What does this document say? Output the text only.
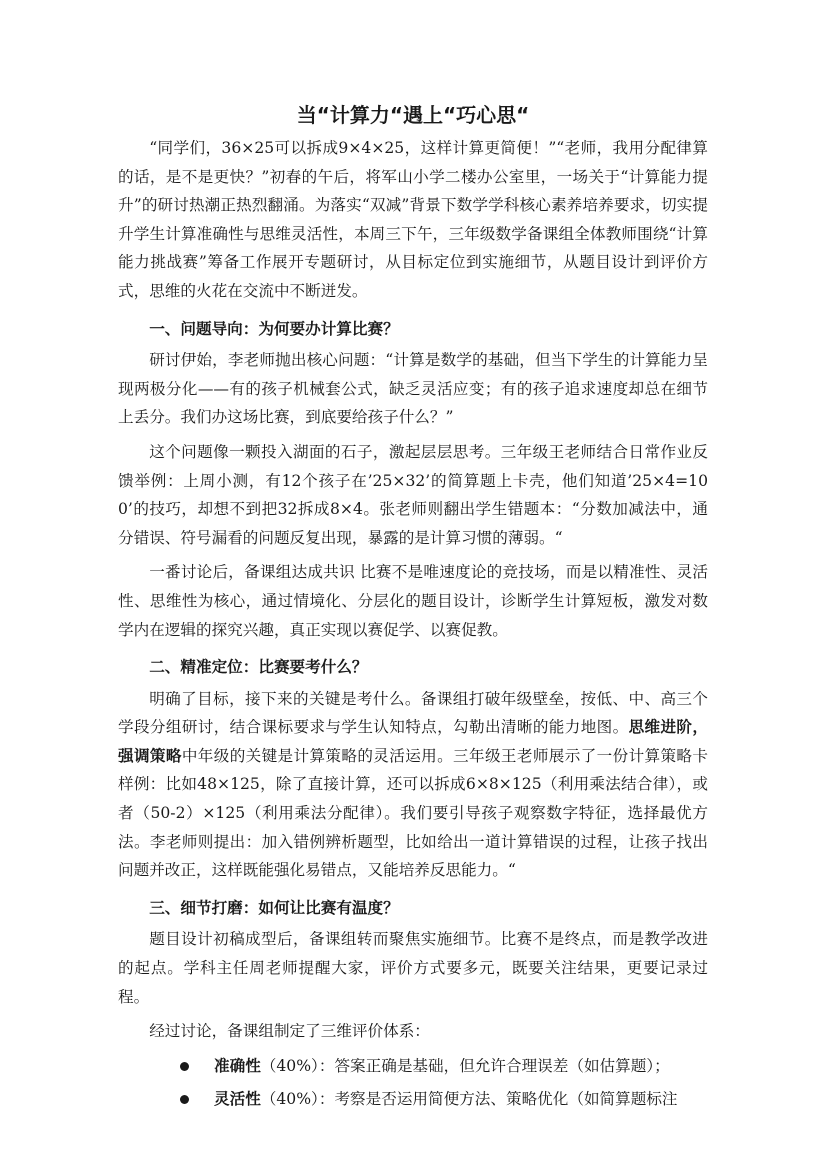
当“计算力“遇上“巧心思“

“同学们，36×25可以拆成9×4×25，这样计算更简便！”“老师，我用分配律算的话，是不是更快？”初春的午后，将军山小学二楼办公室里，一场关于“计算能力提升”的研讨热潮正热烈翻涌。为落实“双减”背景下数学学科核心素养培养要求，切实提升学生计算准确性与思维灵活性，本周三下午，三年级数学备课组全体教师围绕“计算能力挑战赛”筹备工作展开专题研讨，从目标定位到实施细节，从题目设计到评价方式，思维的火花在交流中不断迸发。

一、问题导向：为何要办计算比赛？

研讨伊始，李老师抛出核心问题：“计算是数学的基础，但当下学生的计算能力呈现两极分化——有的孩子机械套公式，缺乏灵活应变；有的孩子追求速度却总在细节上丢分。我们办这场比赛，到底要给孩子什么？”

这个问题像一颗投入湖面的石子，激起层层思考。三年级王老师结合日常作业反馈举例：上周小测，有12个孩子在’25×32’的简算题上卡壳，他们知道’25×4=100’的技巧，却想不到把32拆成8×4。张老师则翻出学生错题本：“分数加减法中，通分错误、符号漏看的问题反复出现，暴露的是计算习惯的薄弱。“

一番讨论后，备课组达成共识 比赛不是唯速度论的竞技场，而是以精准性、灵活性、思维性为核心，通过情境化、分层化的题目设计，诊断学生计算短板，激发对数学内在逻辑的探究兴趣，真正实现以赛促学、以赛促教。

二、精准定位：比赛要考什么？

明确了目标，接下来的关键是考什么。备课组打破年级壁垒，按低、中、高三个学段分组研讨，结合课标要求与学生认知特点，勾勒出清晰的能力地图。思维进阶，强调策略中年级的关键是计算策略的灵活运用。三年级王老师展示了一份计算策略卡样例：比如48×125，除了直接计算，还可以拆成6×8×125（利用乘法结合律），或者（50-2）×125（利用乘法分配律）。我们要引导孩子观察数字特征，选择最优方法。李老师则提出：加入错例辨析题型，比如给出一道计算错误的过程，让孩子找出问题并改正，这样既能强化易错点，又能培养反思能力。“

三、细节打磨：如何让比赛有温度？

题目设计初稿成型后，备课组转而聚焦实施细节。比赛不是终点，而是教学改进的起点。学科主任周老师提醒大家，评价方式要多元，既要关注结果，更要记录过程。

经过讨论，备课组制定了三维评价体系：

准确性（40%）：答案正确是基础，但允许合理误差（如估算题）；
灵活性（40%）：考察是否运用简便方法、策略优化（如简算题标注
